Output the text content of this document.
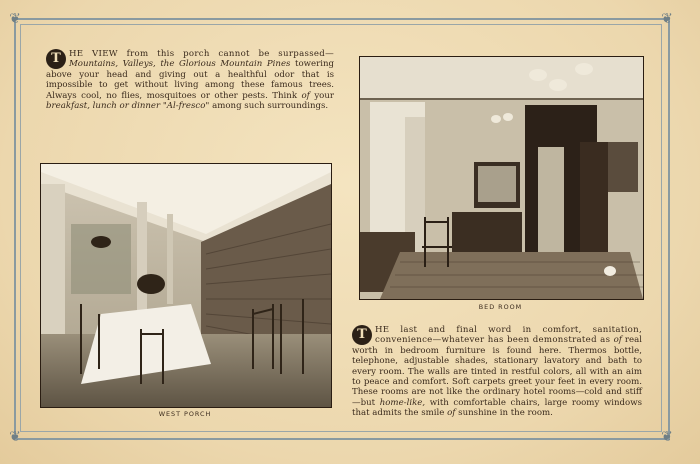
❦	❦
❦	❦
T HE VIEW from this porch cannot be surpassed—Mountains, Valleys, the Glorious Mountain Pines towering above your head and giving out a healthful odor that is impossible to get without living among these famous trees. Always cool, no flies, mosquitoes or other pests. Think of your breakfast, lunch or dinner "Al-fresco" among such surroundings.
WEST PORCH
BED ROOM
T HE last and final word in comfort, sanitation, convenience—whatever has been demonstrated as of real worth in bedroom furniture is found here. Thermos bottle, telephone, adjustable shades, stationary lavatory and bath to every room. The walls are tinted in restful colors, all with an aim to peace and comfort. Soft carpets greet your feet in every room. These rooms are not like the ordinary hotel rooms—cold and stiff—but home-like, with comfortable chairs, large roomy windows that admits the smile of sunshine in the room.
